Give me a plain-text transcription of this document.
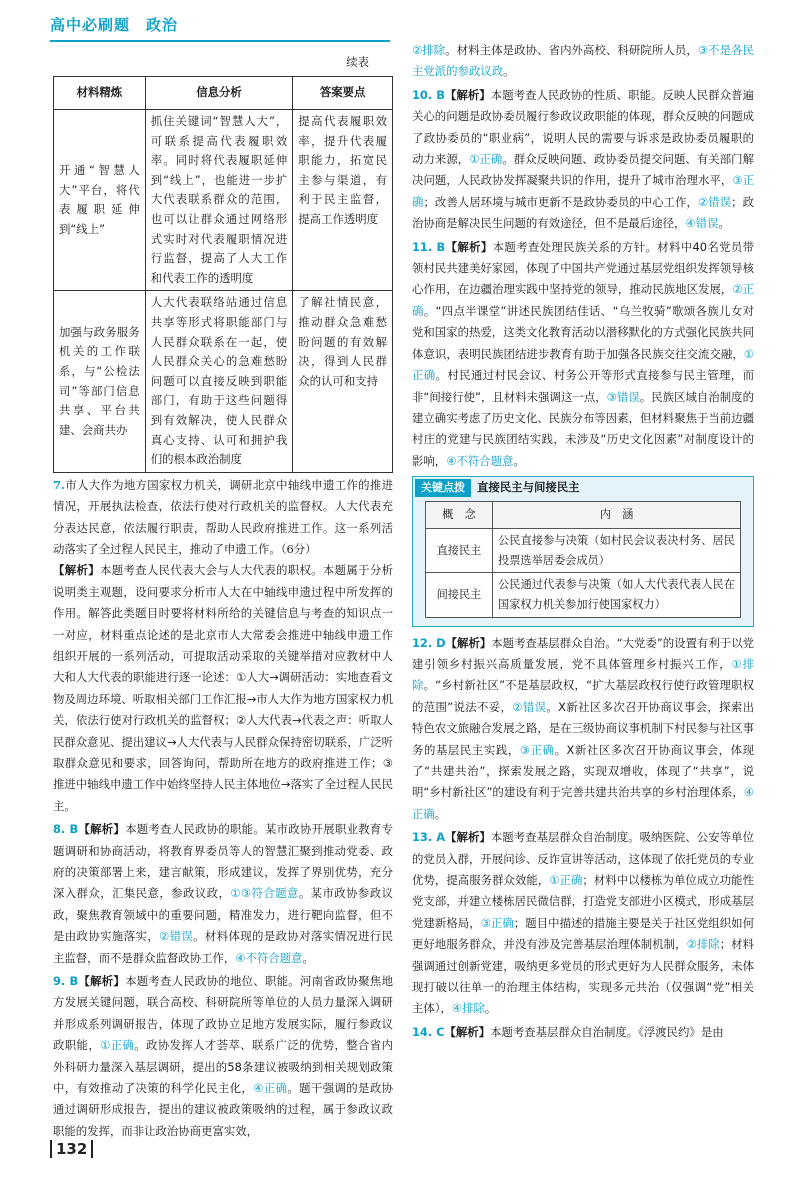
高中必刷题　政治
续表
材料精炼	信息分析	答案要点
开通“智慧人大”平台，将代表履职延伸到“线上”	抓住关键词“智慧人大”，可联系提高代表履职效率。同时将代表履职延伸到“线上”，也能进一步扩大代表联系群众的范围，也可以让群众通过网络形式实时对代表履职情况进行监督，提高了人大工作和代表工作的透明度	提高代表履职效率，提升代表履职能力，拓宽民主参与渠道，有利于民主监督，提高工作透明度
加强与政务服务机关的工作联系，与“公检法司”等部门信息共享、平台共建、会商共办	人大代表联络站通过信息共享等形式将职能部门与人民群众联系在一起，使人民群众关心的急难愁盼问题可以直接反映到职能部门，有助于这些问题得到有效解决，使人民群众真心支持、认可和拥护我们的根本政治制度	了解社情民意，推动群众急难愁盼问题的有效解决，得到人民群众的认可和支持
7.市人大作为地方国家权力机关，调研北京中轴线申遗工作的推进情况，开展执法检查，依法行使对行政机关的监督权。人大代表充分表达民意，依法履行职责，帮助人民政府推进工作。这一系列活动落实了全过程人民民主，推动了申遗工作。（6分）
【解析】本题考查人民代表大会与人大代表的职权。本题属于分析说明类主观题，设问要求分析市人大在中轴线申遗过程中所发挥的作用。解答此类题目时要将材料所给的关键信息与考查的知识点一一对应，材料重点论述的是北京市人大常委会推进中轴线申遗工作组织开展的一系列活动，可提取活动采取的关键举措对应教材中人大和人大代表的职能进行逐一论述：①人大→调研活动：实地查看文物及周边环境、听取相关部门工作汇报→市人大作为地方国家权力机关，依法行使对行政机关的监督权；②人大代表→代表之声：听取人民群众意见、提出建议→人大代表与人民群众保持密切联系，广泛听取群众意见和要求，回答询问，帮助所在地方的政府推进工作；③推进中轴线申遗工作中始终坚持人民主体地位→落实了全过程人民民主。
8. B【解析】本题考查人民政协的职能。某市政协开展职业教育专题调研和协商活动，将教育界委员等人的智慧汇聚到推动党委、政府的决策部署上来，建言献策，形成建议，发挥了界别优势，充分深入群众，汇集民意，参政议政，①③符合题意。某市政协参政议政，聚焦教育领域中的重要问题，精准发力，进行靶向监督，但不是由政协实施落实，②错误。材料体现的是政协对落实情况进行民主监督，而不是群众监督政协工作，④不符合题意。
9. B【解析】本题考查人民政协的地位、职能。河南省政协聚焦地方发展关键问题，联合高校、科研院所等单位的人员力量深入调研并形成系列调研报告，体现了政协立足地方发展实际，履行参政议政职能，①正确。政协发挥人才荟萃、联系广泛的优势，整合省内外科研力量深入基层调研，提出的58条建议被吸纳到相关规划政策中，有效推动了决策的科学化民主化，④正确。题干强调的是政协通过调研形成报告，提出的建议被政策吸纳的过程，属于参政议政职能的发挥，而非让政治协商更富实效，
②排除。材料主体是政协、省内外高校、科研院所人员，③不是各民主党派的参政议政。
10. B【解析】本题考查人民政协的性质、职能。反映人民群众普遍关心的问题是政协委员履行参政议政职能的体现，群众反映的问题成了政协委员的“职业病”，说明人民的需要与诉求是政协委员履职的动力来源，①正确。群众反映问题、政协委员提交问题、有关部门解决问题，人民政协发挥凝聚共识的作用，提升了城市治理水平，③正确；改善人居环境与城市更新不是政协委员的中心工作，②错误；政治协商是解决民生问题的有效途径，但不是最后途径，④错误。
11. B【解析】本题考查处理民族关系的方针。材料中40名党员带领村民共建美好家园，体现了中国共产党通过基层党组织发挥领导核心作用，在边疆治理实践中坚持党的领导，推动民族地区发展，②正确。“四点半课堂”讲述民族团结佳话、“乌兰牧骑”歌颂各族儿女对党和国家的热爱，这类文化教育活动以潜移默化的方式强化民族共同体意识，表明民族团结进步教育有助于加强各民族交往交流交融，①正确。村民通过村民会议、村务公开等形式直接参与民主管理，而非“间接行使”，且材料未强调这一点，③错误。民族区域自治制度的建立确实考虑了历史文化、民族分布等因素，但材料聚焦于当前边疆村庄的党建与民族团结实践，未涉及“历史文化因素”对制度设计的影响，④不符合题意。
关键点拨	直接民主与间接民主
概　念	内　涵
直接民主	公民直接参与决策（如村民会议表决村务、居民投票选举居委会成员）
间接民主	公民通过代表参与决策（如人大代表代表人民在国家权力机关参加行使国家权力）
12. D【解析】本题考查基层群众自治。“大党委”的设置有利于以党建引领乡村振兴高质量发展，党不具体管理乡村振兴工作，①排除。“乡村新社区”不是基层政权，“扩大基层政权行使行政管理职权的范围”说法不妥，②错误。X新社区多次召开协商议事会，探索出特色农文旅融合发展之路，是在三级协商议事机制下村民参与社区事务的基层民主实践，③正确。X新社区多次召开协商议事会，体现了“共建共治”，探索发展之路，实现双增收，体现了“共享”，说明“乡村新社区”的建设有利于完善共建共治共享的乡村治理体系，④正确。
13. A【解析】本题考查基层群众自治制度。吸纳医院、公安等单位的党员入群，开展问诊、反诈宣讲等活动，这体现了依托党员的专业优势，提高服务群众效能，①正确；材料中以楼栋为单位成立功能性党支部，并建立楼栋居民微信群，打造党支部进小区模式，形成基层党建新格局，③正确；题目中描述的措施主要是关于社区党组织如何更好地服务群众，并没有涉及完善基层治理体制机制，②排除；材料强调通过创新党建，吸纳更多党员的形式更好为人民群众服务，未体现打破以往单一的治理主体结构，实现多元共治（仅强调“党”相关主体），④排除。
14. C【解析】本题考查基层群众自治制度。《浮渡民约》是由
132
